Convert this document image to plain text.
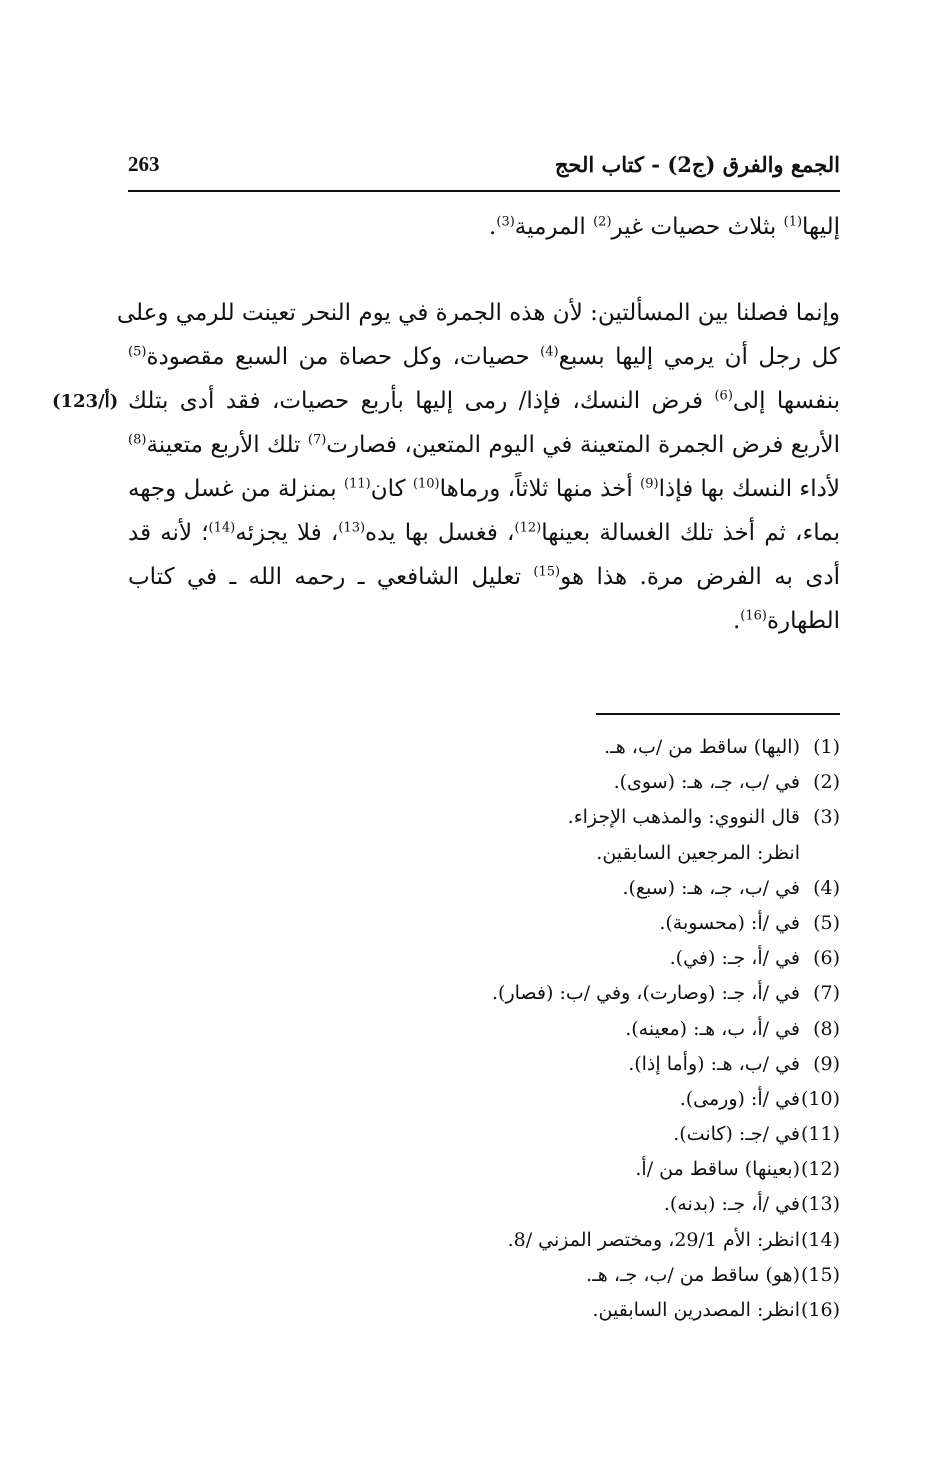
الجمع والفرق (ج2) - كتاب الحج
263
إليها$^{(1)}$ بثلاث حصيات غير$^{(2)}$ المرمية$^{(3)}$.
وإنما فصلنا بين المسألتين: لأن هذه الجمرة في يوم النحر تعينت للرمي وعلى
كل رجل أن يرمي إليها بسبع$^{(4)}$ حصيات، وكل حصاة من السبع مقصودة$^{(5)}$
بنفسها إلى$^{(6)}$ فرض النسك، فإذا/ رمى إليها بأربع حصيات، فقد أدى بتلك
الأربع فرض الجمرة المتعينة في اليوم المتعين، فصارت$^{(7)}$ تلك الأربع متعينة$^{(8)}$
لأداء النسك بها فإذا$^{(9)}$ أخذ منها ثلاثاً، ورماها$^{(10)}$ كان$^{(11)}$ بمنزلة من غسل وجهه
بماء، ثم أخذ تلك الغسالة بعينها$^{(12)}$، فغسل بها يده$^{(13)}$، فلا يجزئه$^{(14)}$؛ لأنه قد
أدى به الفرض مرة. هذا هو$^{(15)}$ تعليل الشافعي ـ رحمه الله ـ في كتاب
الطهارة$^{(16)}$.
(123/أ)
(1)(اليها) ساقط من /ب، هـ.
(2)في /ب، جـ، هـ: (سوى).
(3)قال النووي: والمذهب الإجزاء.
انظر: المرجعين السابقين.
(4)في /ب، جـ، هـ: (سبع).
(5)في /أ: (محسوبة).
(6)في /أ، جـ: (في).
(7)في /أ، جـ: (وصارت)، وفي /ب: (فصار).
(8)في /أ، ب، هـ: (معينه).
(9)في /ب، هـ: (وأما إذا).
(10)في /أ: (ورمى).
(11)في /جـ: (كانت).
(12)(بعينها) ساقط من /أ.
(13)في /أ، جـ: (بدنه).
(14)انظر: الأم 29/1، ومختصر المزني /8.
(15)(هو) ساقط من /ب، جـ، هـ.
(16)انظر: المصدرين السابقين.
